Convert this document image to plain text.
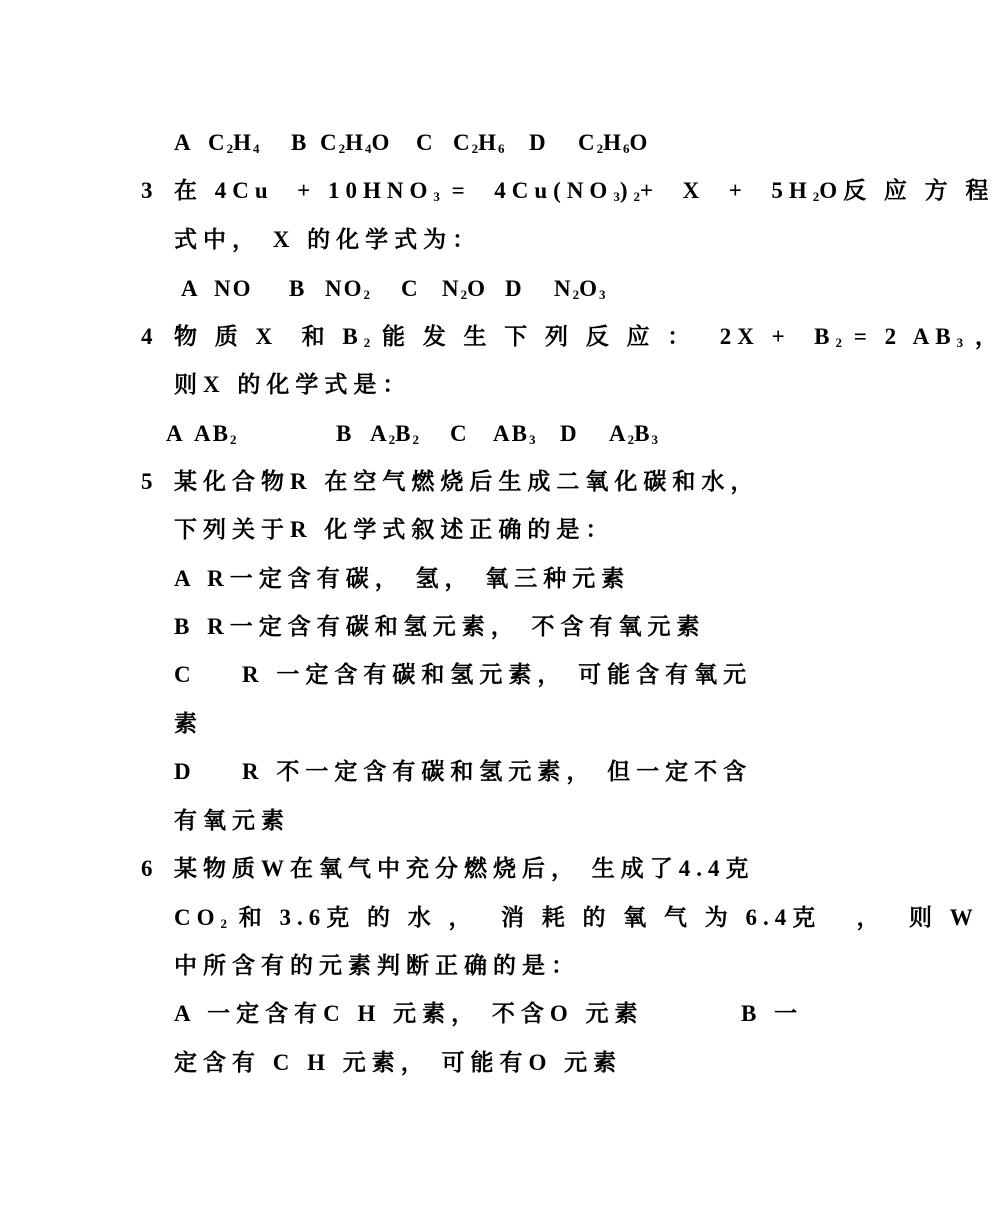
A $C_2H_4$ B $C_2H_4O$ C $C_2H_6$ D $C_2H_6O$
3 在 $4Cu + 10HNO_3 = 4Cu(NO_3)_2+ X + 5H_2O$反 应 方 程
式中， X 的化学式为：
A NO B $NO_2$ C $N_2O$ D $N_2O_3$
4 物 质 X  和 $B_2$ 能 发 生 下 列 反 应 ：  $2X + B_2 = 2$ $AB_3$ ，
则X 的化学式是：
A $AB_2$	B $A_2B_2$ C $AB_3$ D $A_2B_3$
5 某化合物R 在空气燃烧后生成二氧化碳和水，
下列关于R 化学式叙述正确的是：
A R一定含有碳， 氢， 氧三种元素
B R一定含有碳和氢元素， 不含有氧元素
C R 一定含有碳和氢元素， 可能含有氧元
素
D R 不一定含有碳和氢元素， 但一定不含
有氧元素
6 某物质W在氧气中充分燃烧后， 生成了4.4克
$CO_2$ 和 3.6克 的 水 ，  消 耗 的 氧 气 为 6.4克   ，  则 W
中所含有的元素判断正确的是：
A 一定含有C H 元素， 不含O 元素	B 一
定含有 C H 元素， 可能有O 元素
